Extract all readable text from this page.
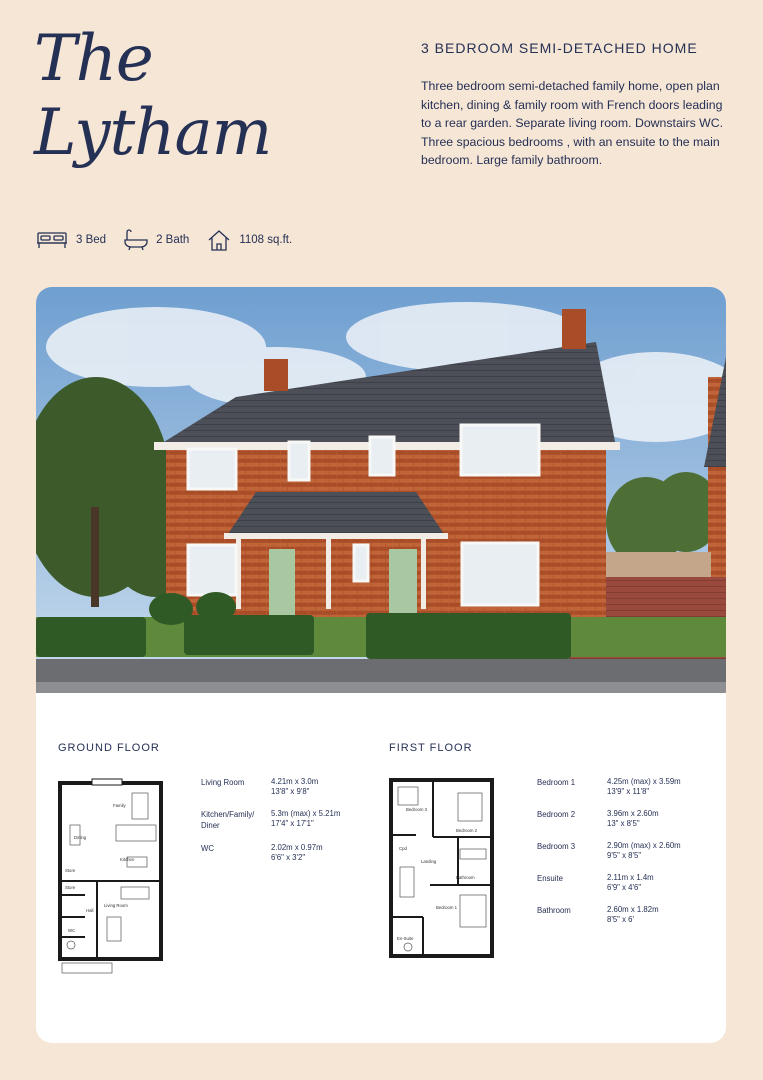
The
Lytham
3 BEDROOM SEMI-DETACHED HOME
Three bedroom semi-detached family home, open plan kitchen, dining & family room with French doors leading to a rear garden. Separate living room. Downstairs WC. Three spacious bedrooms , with an ensuite to the main bedroom. Large family bathroom.
3 Bed	2 Bath	1108 sq.ft.
GROUND FLOOR	FIRST FLOOR
Family
Dining
Kitchen
Store
Store
Hall
Living Room
WC
Living Room	4.21m x 3.0m
13'8" x 9'8"
Kitchen/Family/
Diner
5.3m (max) x 5.21m
17'4" x 17'1"
WC	2.02m x 0.97m
6'6" x 3'2"
Bedroom 3
Bedroom 2
Cpd
Landing
Bathroom
Bedroom 1
En-Suite
Bedroom 1	4.25m (max) x 3.59m
13'9" x 11'8"
Bedroom 2	3.96m x 2.60m
13" x 8'5"
Bedroom 3	2.90m (max) x 2.60m
9'5" x 8'5"
Ensuite	2.11m x 1.4m
6'9" x 4'6"
Bathroom	2.60m x 1.82m
8'5" x 6'
